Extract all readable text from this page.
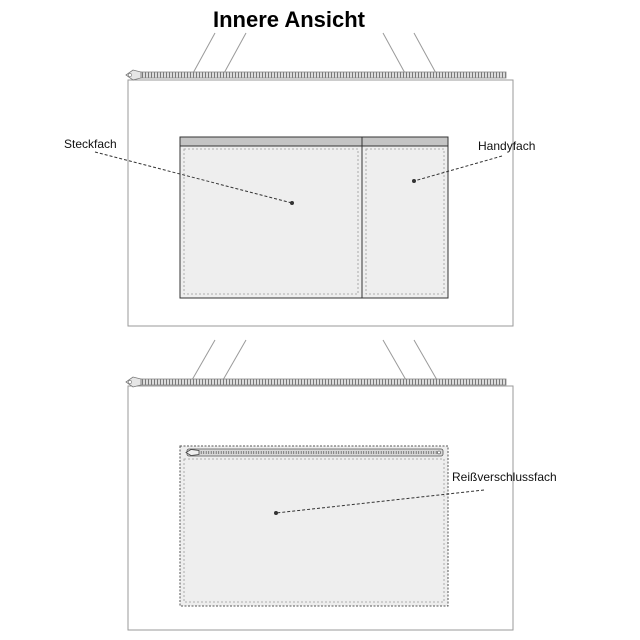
Innere Ansicht
Steckfach	Handyfach
Reißverschlussfach
